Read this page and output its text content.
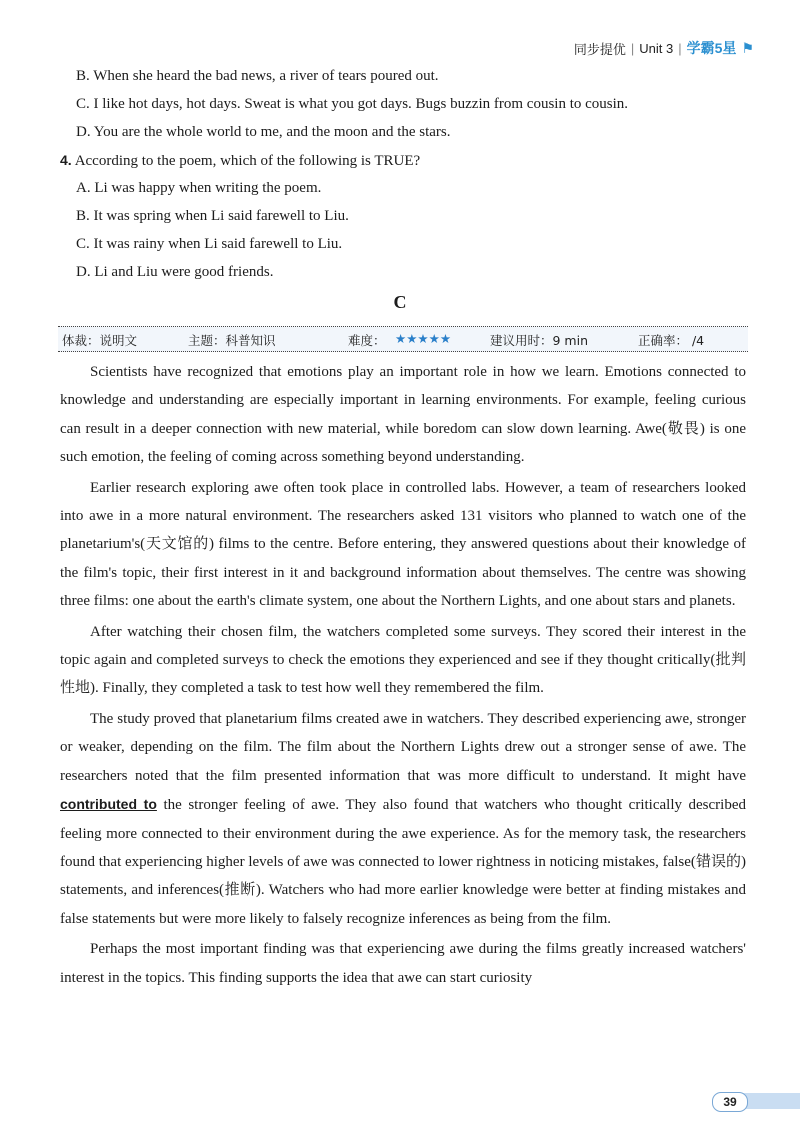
同步提优 | Unit 3 | 学霸5星 ⚑
B. When she heard the bad news, a river of tears poured out.
C. I like hot days, hot days. Sweat is what you got days. Bugs buzzin from cousin to cousin.
D. You are the whole world to me, and the moon and the stars.
4. According to the poem, which of the following is TRUE?
A. Li was happy when writing the poem.
B. It was spring when Li said farewell to Liu.
C. It was rainy when Li said farewell to Liu.
D. Li and Liu were good friends.
C
体裁：说明文	主题：科普知识	难度： ★★★★★	建议用时：9 min	正确率： /4

Scientists have recognized that emotions play an important role in how we learn. Emotions connected to knowledge and understanding are especially important in learning environments. For example, feeling curious can result in a deeper connection with new material, while boredom can slow down learning. Awe(敬畏) is one such emotion, the feeling of coming across something beyond understanding.

Earlier research exploring awe often took place in controlled labs. However, a team of researchers looked into awe in a more natural environment. The researchers asked 131 visitors who planned to watch one of the planetarium's(天文馆的) films to the centre. Before entering, they answered questions about their knowledge of the film's topic, their first interest in it and background information about themselves. The centre was showing three films: one about the earth's climate system, one about the Northern Lights, and one about stars and planets.

After watching their chosen film, the watchers completed some surveys. They scored their interest in the topic again and completed surveys to check the emotions they experienced and see if they thought critically(批判性地). Finally, they completed a task to test how well they remembered the film.

The study proved that planetarium films created awe in watchers. They described experiencing awe, stronger or weaker, depending on the film. The film about the Northern Lights drew out a stronger sense of awe. The researchers noted that the film presented information that was more difficult to understand. It might have contributed to the stronger feeling of awe. They also found that watchers who thought critically described feeling more connected to their environment during the awe experience. As for the memory task, the researchers found that experiencing higher levels of awe was connected to lower rightness in noticing mistakes, false(错误的) statements, and inferences(推断). Watchers who had more earlier knowledge were better at finding mistakes and false statements but were more likely to falsely recognize inferences as being from the film.

Perhaps the most important finding was that experiencing awe during the films greatly increased watchers' interest in the topics. This finding supports the idea that awe can start curiosity

39
